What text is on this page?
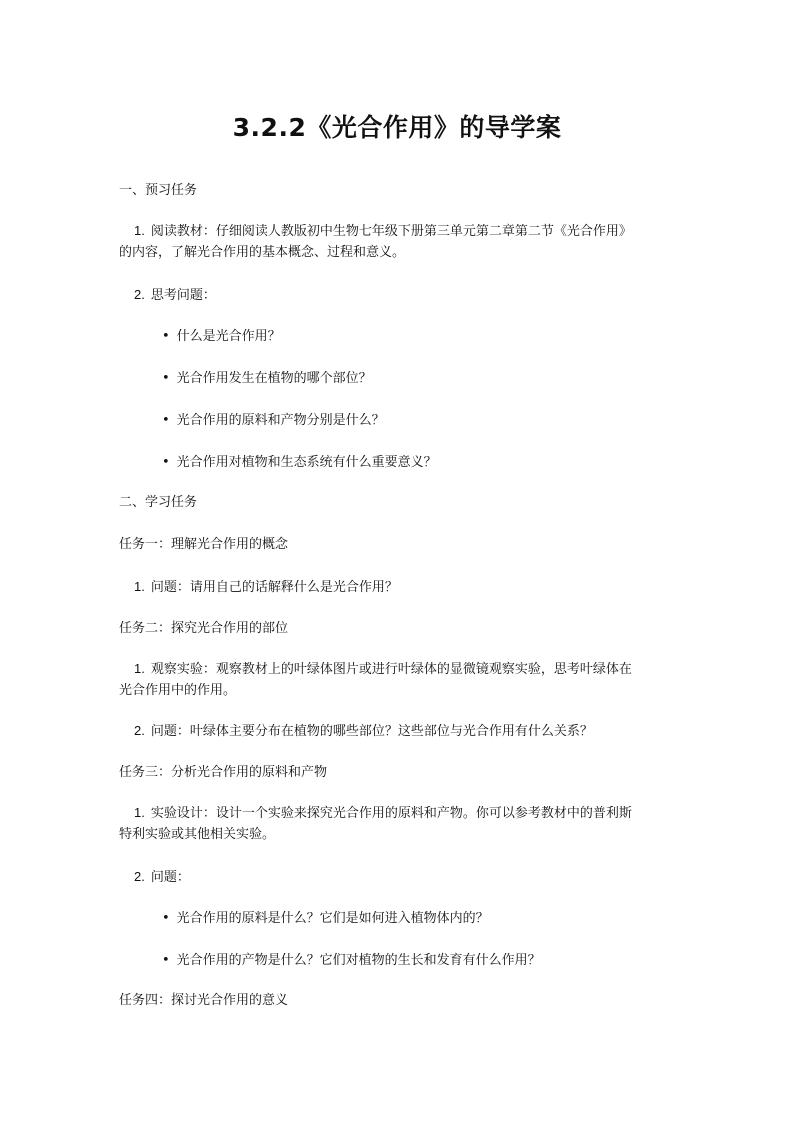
3.2.2《光合作用》的导学案
一、预习任务
1. 阅读教材：仔细阅读人教版初中生物七年级下册第三单元第二章第二节《光合作用》
的内容，了解光合作用的基本概念、过程和意义。
2. 思考问题：
• 什么是光合作用？
• 光合作用发生在植物的哪个部位？
• 光合作用的原料和产物分别是什么？
• 光合作用对植物和生态系统有什么重要意义？
二、学习任务
任务一：理解光合作用的概念
1. 问题：请用自己的话解释什么是光合作用？
任务二：探究光合作用的部位
1. 观察实验：观察教材上的叶绿体图片或进行叶绿体的显微镜观察实验，思考叶绿体在
光合作用中的作用。
2. 问题：叶绿体主要分布在植物的哪些部位？这些部位与光合作用有什么关系？
任务三：分析光合作用的原料和产物
1. 实验设计：设计一个实验来探究光合作用的原料和产物。你可以参考教材中的普利斯
特利实验或其他相关实验。
2. 问题：
• 光合作用的原料是什么？它们是如何进入植物体内的？
• 光合作用的产物是什么？它们对植物的生长和发育有什么作用？
任务四：探讨光合作用的意义
